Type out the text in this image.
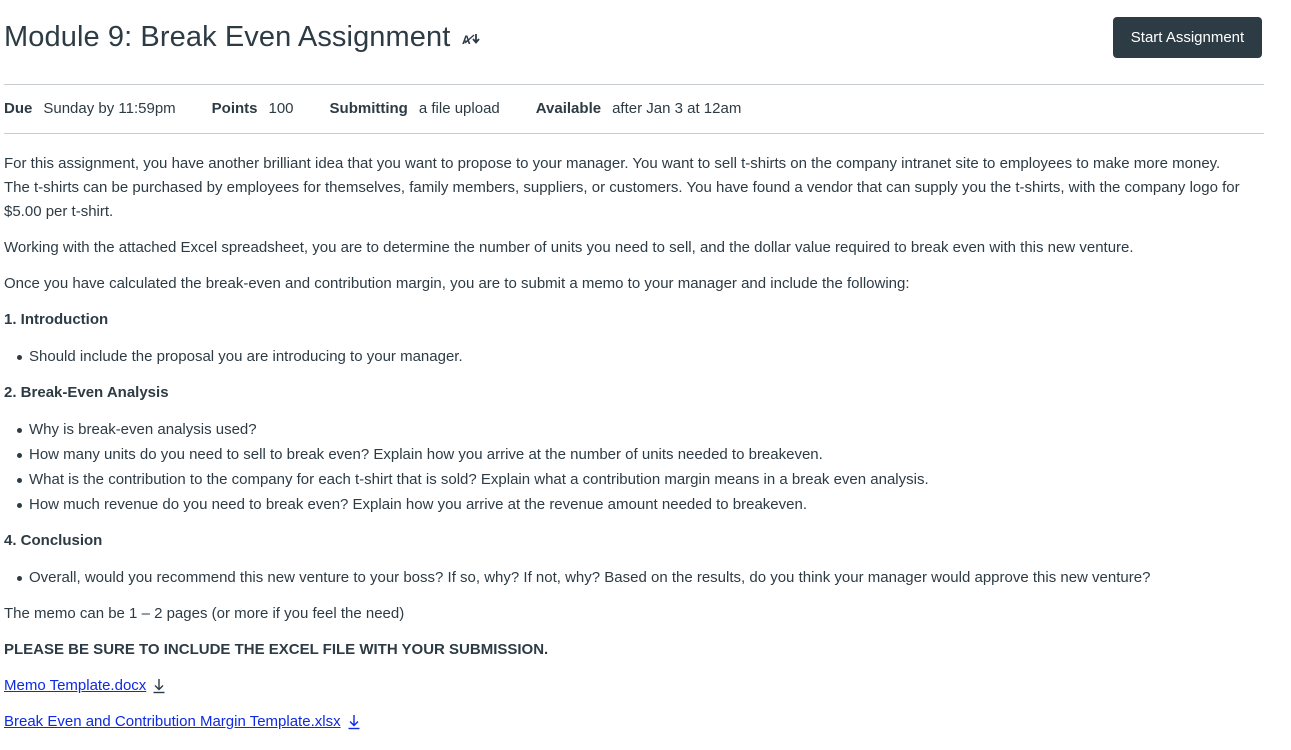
Module 9: Break Even Assignment A	Start Assignment
Due Sunday by 11:59pm Points 100 Submitting a file upload Available after Jan 3 at 12am

For this assignment, you have another brilliant idea that you want to propose to your manager. You want to sell t-shirts on the company intranet site to employees to make more money. The t-shirts can be purchased by employees for themselves, family members, suppliers, or customers. You have found a vendor that can supply you the t-shirts, with the company logo for $5.00 per t-shirt.

Working with the attached Excel spreadsheet, you are to determine the number of units you need to sell, and the dollar value required to break even with this new venture.

Once you have calculated the break-even and contribution margin, you are to submit a memo to your manager and include the following:

1. Introduction

Should include the proposal you are introducing to your manager.

2. Break-Even Analysis

Why is break-even analysis used?
How many units do you need to sell to break even? Explain how you arrive at the number of units needed to breakeven.
What is the contribution to the company for each t-shirt that is sold? Explain what a contribution margin means in a break even analysis.
How much revenue do you need to break even? Explain how you arrive at the revenue amount needed to breakeven.

4. Conclusion

Overall, would you recommend this new venture to your boss? If so, why? If not, why? Based on the results, do you think your manager would approve this new venture?

The memo can be 1 – 2 pages (or more if you feel the need)

PLEASE BE SURE TO INCLUDE THE EXCEL FILE WITH YOUR SUBMISSION.

Memo Template.docx
Break Even and Contribution Margin Template.xlsx
